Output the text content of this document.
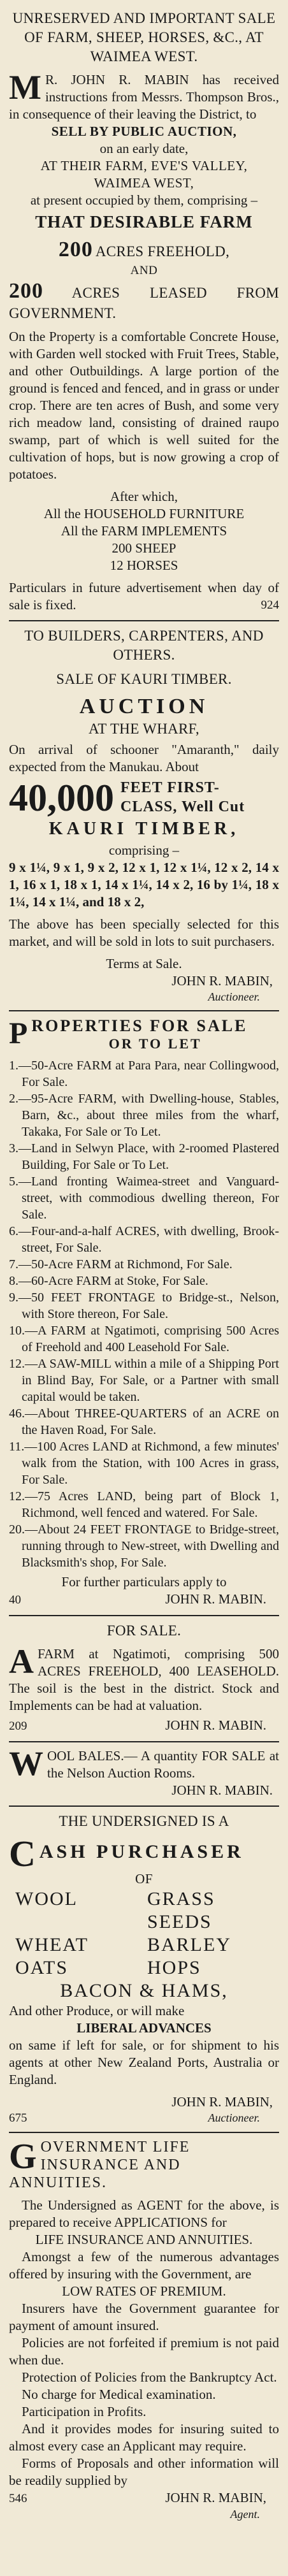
UNRESERVED AND IMPORTANT SALE OF FARM, SHEEP, HORSES, &C., AT WAIMEA WEST.
M R. JOHN R. MABIN has received instructions from Messrs. Thompson Bros., in consequence of their leaving the District, to
SELL BY PUBLIC AUCTION,
on an early date,
AT THEIR FARM, EVE'S VALLEY,
WAIMEA WEST,
at present occupied by them, comprising –
THAT DESIRABLE FARM
200 ACRES FREEHOLD,
AND
200 ACRES LEASED FROM GOVERNMENT.
On the Property is a comfortable Concrete House, with Garden well stocked with Fruit Trees, Stable, and other Outbuildings. A large portion of the ground is fenced and fenced, and in grass or under crop. There are ten acres of Bush, and some very rich meadow land, consisting of drained raupo swamp, part of which is well suited for the cultivation of hops, but is now growing a crop of potatoes.
After which,
All the HOUSEHOLD FURNITURE
All the FARM IMPLEMENTS
200 SHEEP
12 HORSES
Particulars in future advertisement when day of sale is fixed.	924
TO BUILDERS, CARPENTERS, AND OTHERS.
SALE OF KAURI TIMBER.
AUCTION
AT THE WHARF,
On arrival of schooner "Amaranth," daily expected from the Manukau. About
40,000 FEET FIRST-
CLASS, Well Cut
KAURI TIMBER,
comprising –
9 x 1¼, 9 x 1, 9 x 2, 12 x 1, 12 x 1¼, 12 x 2, 14 x 1, 16 x 1, 18 x 1, 14 x 1¼, 14 x 2, 16 by 1¼, 18 x 1¼, 14 x 1¼, and 18 x 2,
The above has been specially selected for this market, and will be sold in lots to suit purchasers.
Terms at Sale.
JOHN R. MABIN,
Auctioneer.
P ROPERTIES FOR SALE
OR TO LET
1.—50-Acre FARM at Para Para, near Collingwood, For Sale.
2.—95-Acre FARM, with Dwelling-house, Stables, Barn, &c., about three miles from the wharf, Takaka, For Sale or To Let.
3.—Land in Selwyn Place, with 2-roomed Plastered Building, For Sale or To Let.
5.—Land fronting Waimea-street and Vanguard-street, with commodious dwelling thereon, For Sale.
6.—Four-and-a-half ACRES, with dwelling, Brook-street, For Sale.
7.—50-Acre FARM at Richmond, For Sale.
8.—60-Acre FARM at Stoke, For Sale.
9.—50 FEET FRONTAGE to Bridge-st., Nelson, with Store thereon, For Sale.
10.—A FARM at Ngatimoti, comprising 500 Acres of Freehold and 400 Leasehold For Sale.
12.—A SAW-MILL within a mile of a Shipping Port in Blind Bay, For Sale, or a Partner with small capital would be taken.
46.—About THREE-QUARTERS of an ACRE on the Haven Road, For Sale.
11.—100 Acres LAND at Richmond, a few minutes' walk from the Station, with 100 Acres in grass, For Sale.
12.—75 Acres LAND, being part of Block 1, Richmond, well fenced and watered. For Sale.
20.—About 24 FEET FRONTAGE to Bridge-street, running through to New-street, with Dwelling and Blacksmith's shop, For Sale.
For further particulars apply to
40	JOHN R. MABIN.
FOR SALE.
A FARM at Ngatimoti, comprising 500 ACRES FREEHOLD, 400 LEASEHOLD. The soil is the best in the district. Stock and Implements can be had at valuation.
209	JOHN R. MABIN.
W OOL BALES.— A quantity FOR SALE at the Nelson Auction Rooms.
JOHN R. MABIN.
THE UNDERSIGNED IS A
C ASH PURCHASER
OF
WOOL	GRASS SEEDS
WHEAT	BARLEY
OATS	HOPS
BACON & HAMS,
And other Produce, or will make
LIBERAL ADVANCES
on same if left for sale, or for shipment to his agents at other New Zealand Ports, Australia or England.
JOHN R. MABIN,
675	Auctioneer.
G OVERNMENT LIFE INSURANCE AND ANNUITIES.
The Undersigned as AGENT for the above, is prepared to receive APPLICATIONS for
LIFE INSURANCE AND ANNUITIES.
Amongst a few of the numerous advantages offered by insuring with the Government, are
LOW RATES OF PREMIUM.
Insurers have the Government guarantee for payment of amount insured.
Policies are not forfeited if premium is not paid when due.
Protection of Policies from the Bankruptcy Act.
No charge for Medical examination.
Participation in Profits.
And it provides modes for insuring suited to almost every case an Applicant may require.
Forms of Proposals and other information will be readily supplied by
546	JOHN R. MABIN,
Agent.
